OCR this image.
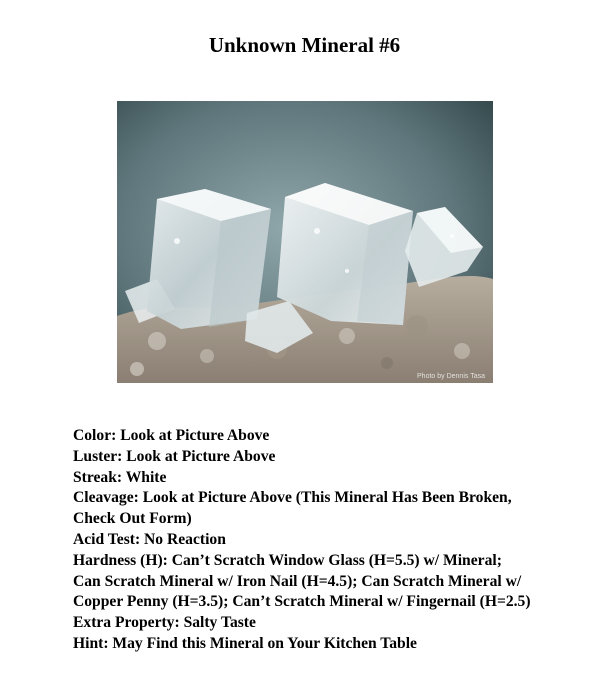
Unknown Mineral #6
Photo by Dennis Tasa
Color: Look at Picture Above
Luster: Look at Picture Above
Streak: White
Cleavage: Look at Picture Above (This Mineral Has Been Broken, Check Out Form)
Acid Test: No Reaction
Hardness (H): Can’t Scratch Window Glass (H=5.5) w/ Mineral; Can Scratch Mineral w/ Iron Nail (H=4.5); Can Scratch Mineral w/ Copper Penny (H=3.5); Can’t Scratch Mineral w/ Fingernail (H=2.5)
Extra Property: Salty Taste
Hint: May Find this Mineral on Your Kitchen Table
